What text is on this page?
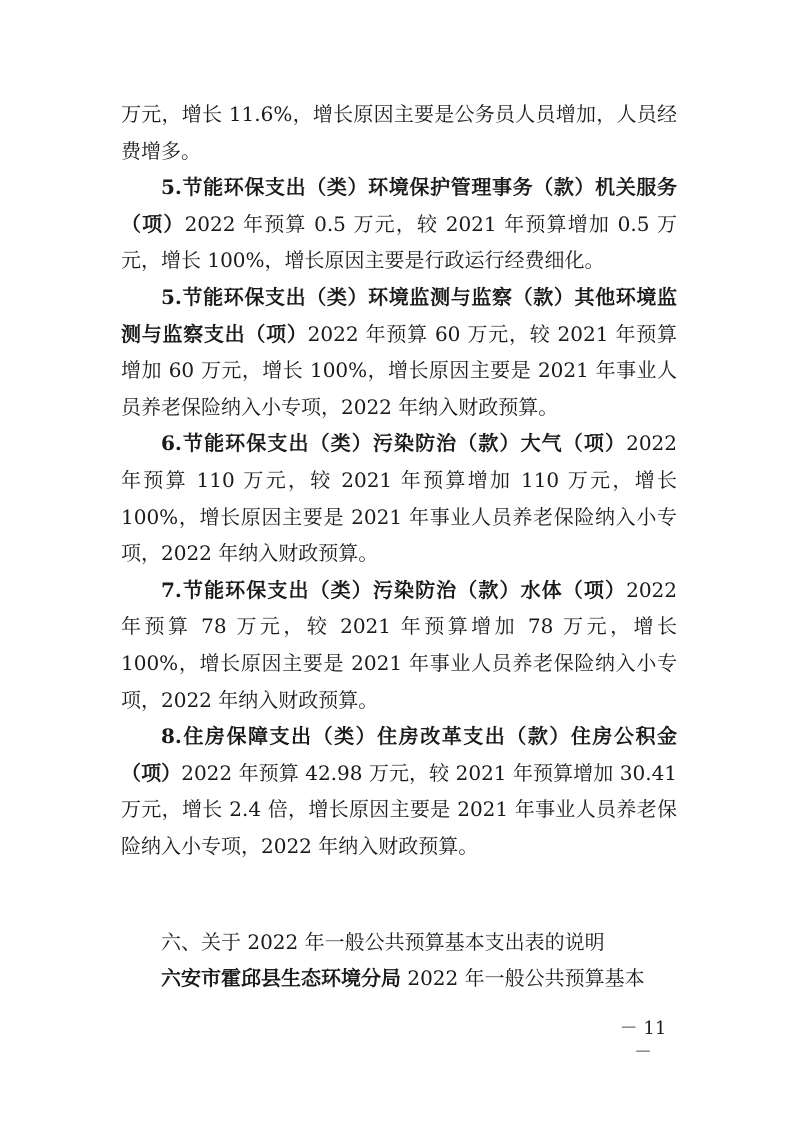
万元，增长 11.6%，增长原因主要是公务员人员增加，人员经费增多。

5.节能环保支出（类）环境保护管理事务（款）机关服务（项）2022 年预算 0.5 万元，较 2021 年预算增加 0.5 万元，增长 100%，增长原因主要是行政运行经费细化。

5.节能环保支出（类）环境监测与监察（款）其他环境监测与监察支出（项）2022 年预算 60 万元，较 2021 年预算增加 60 万元，增长 100%，增长原因主要是 2021 年事业人员养老保险纳入小专项，2022 年纳入财政预算。

6.节能环保支出（类）污染防治（款）大气（项）2022 年预算 110 万元，较 2021 年预算增加 110 万元，增长 100%，增长原因主要是 2021 年事业人员养老保险纳入小专项，2022 年纳入财政预算。

7.节能环保支出（类）污染防治（款）水体（项）2022 年预算 78 万元，较 2021 年预算增加 78 万元，增长 100%，增长原因主要是 2021 年事业人员养老保险纳入小专项，2022 年纳入财政预算。

8.住房保障支出（类）住房改革支出（款）住房公积金（项）2022 年预算 42.98 万元，较 2021 年预算增加 30.41 万元，增长 2.4 倍，增长原因主要是 2021 年事业人员养老保险纳入小专项，2022 年纳入财政预算。

六、关于 2022 年一般公共预算基本支出表的说明
六安市霍邱县生态环境分局 2022 年一般公共预算基本
－ 11 －
